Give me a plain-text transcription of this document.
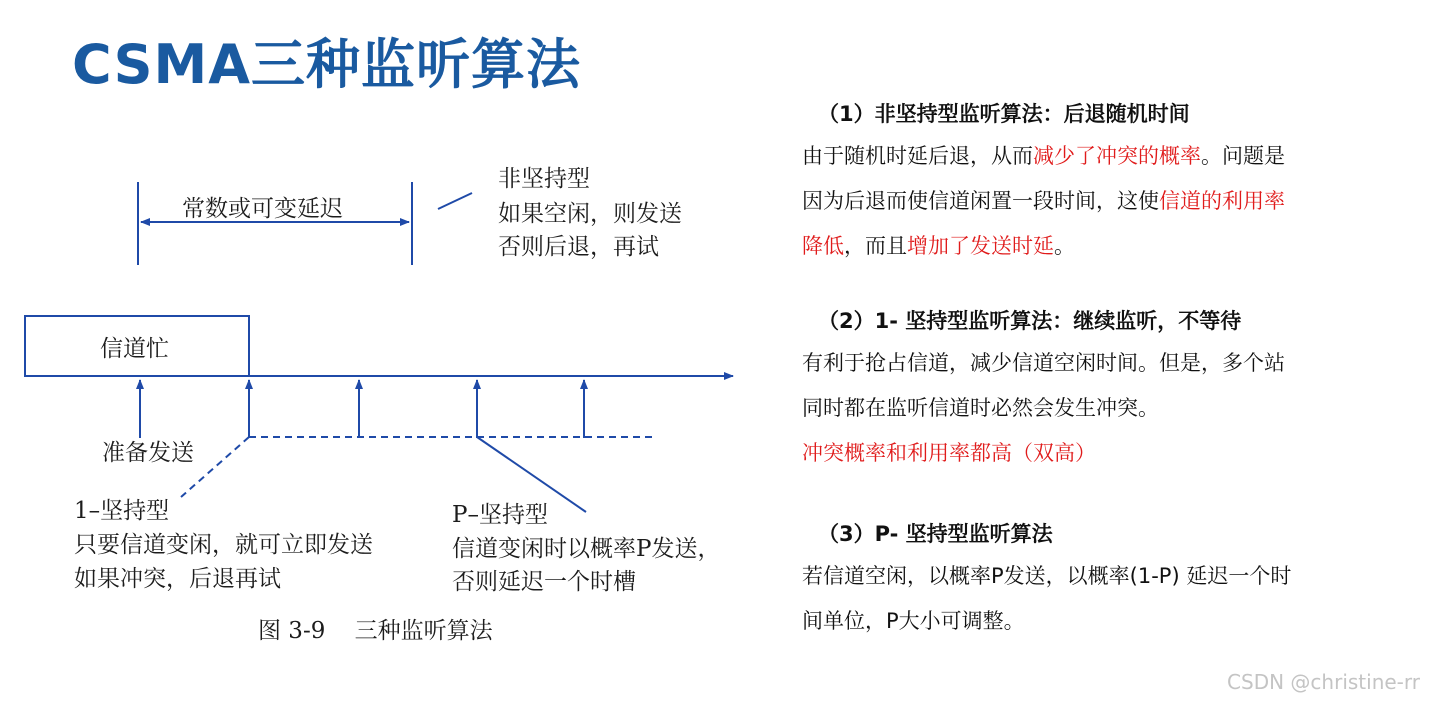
CSMA三种监听算法
常数或可变延迟
非坚持型
如果空闲，则发送
否则后退，再试
信道忙
准备发送
1–坚持型
只要信道变闲，就可立即发送
如果冲突，后退再试
P–坚持型
信道变闲时以概率P发送，
否则延迟一个时槽
图 3-9    三种监听算法
（1）非坚持型监听算法：后退随机时间
由于随机时延后退，从而减少了冲突的概率。问题是
因为后退而使信道闲置一段时间，这使信道的利用率
降低，而且增加了发送时延。
（2）1- 坚持型监听算法：继续监听，不等待
有利于抢占信道，减少信道空闲时间。但是，多个站
同时都在监听信道时必然会发生冲突。
冲突概率和利用率都高（双高）
（3）P- 坚持型监听算法
若信道空闲，以概率P发送，以概率(1-P) 延迟一个时
间单位，P大小可调整。
CSDN @christine-rr
